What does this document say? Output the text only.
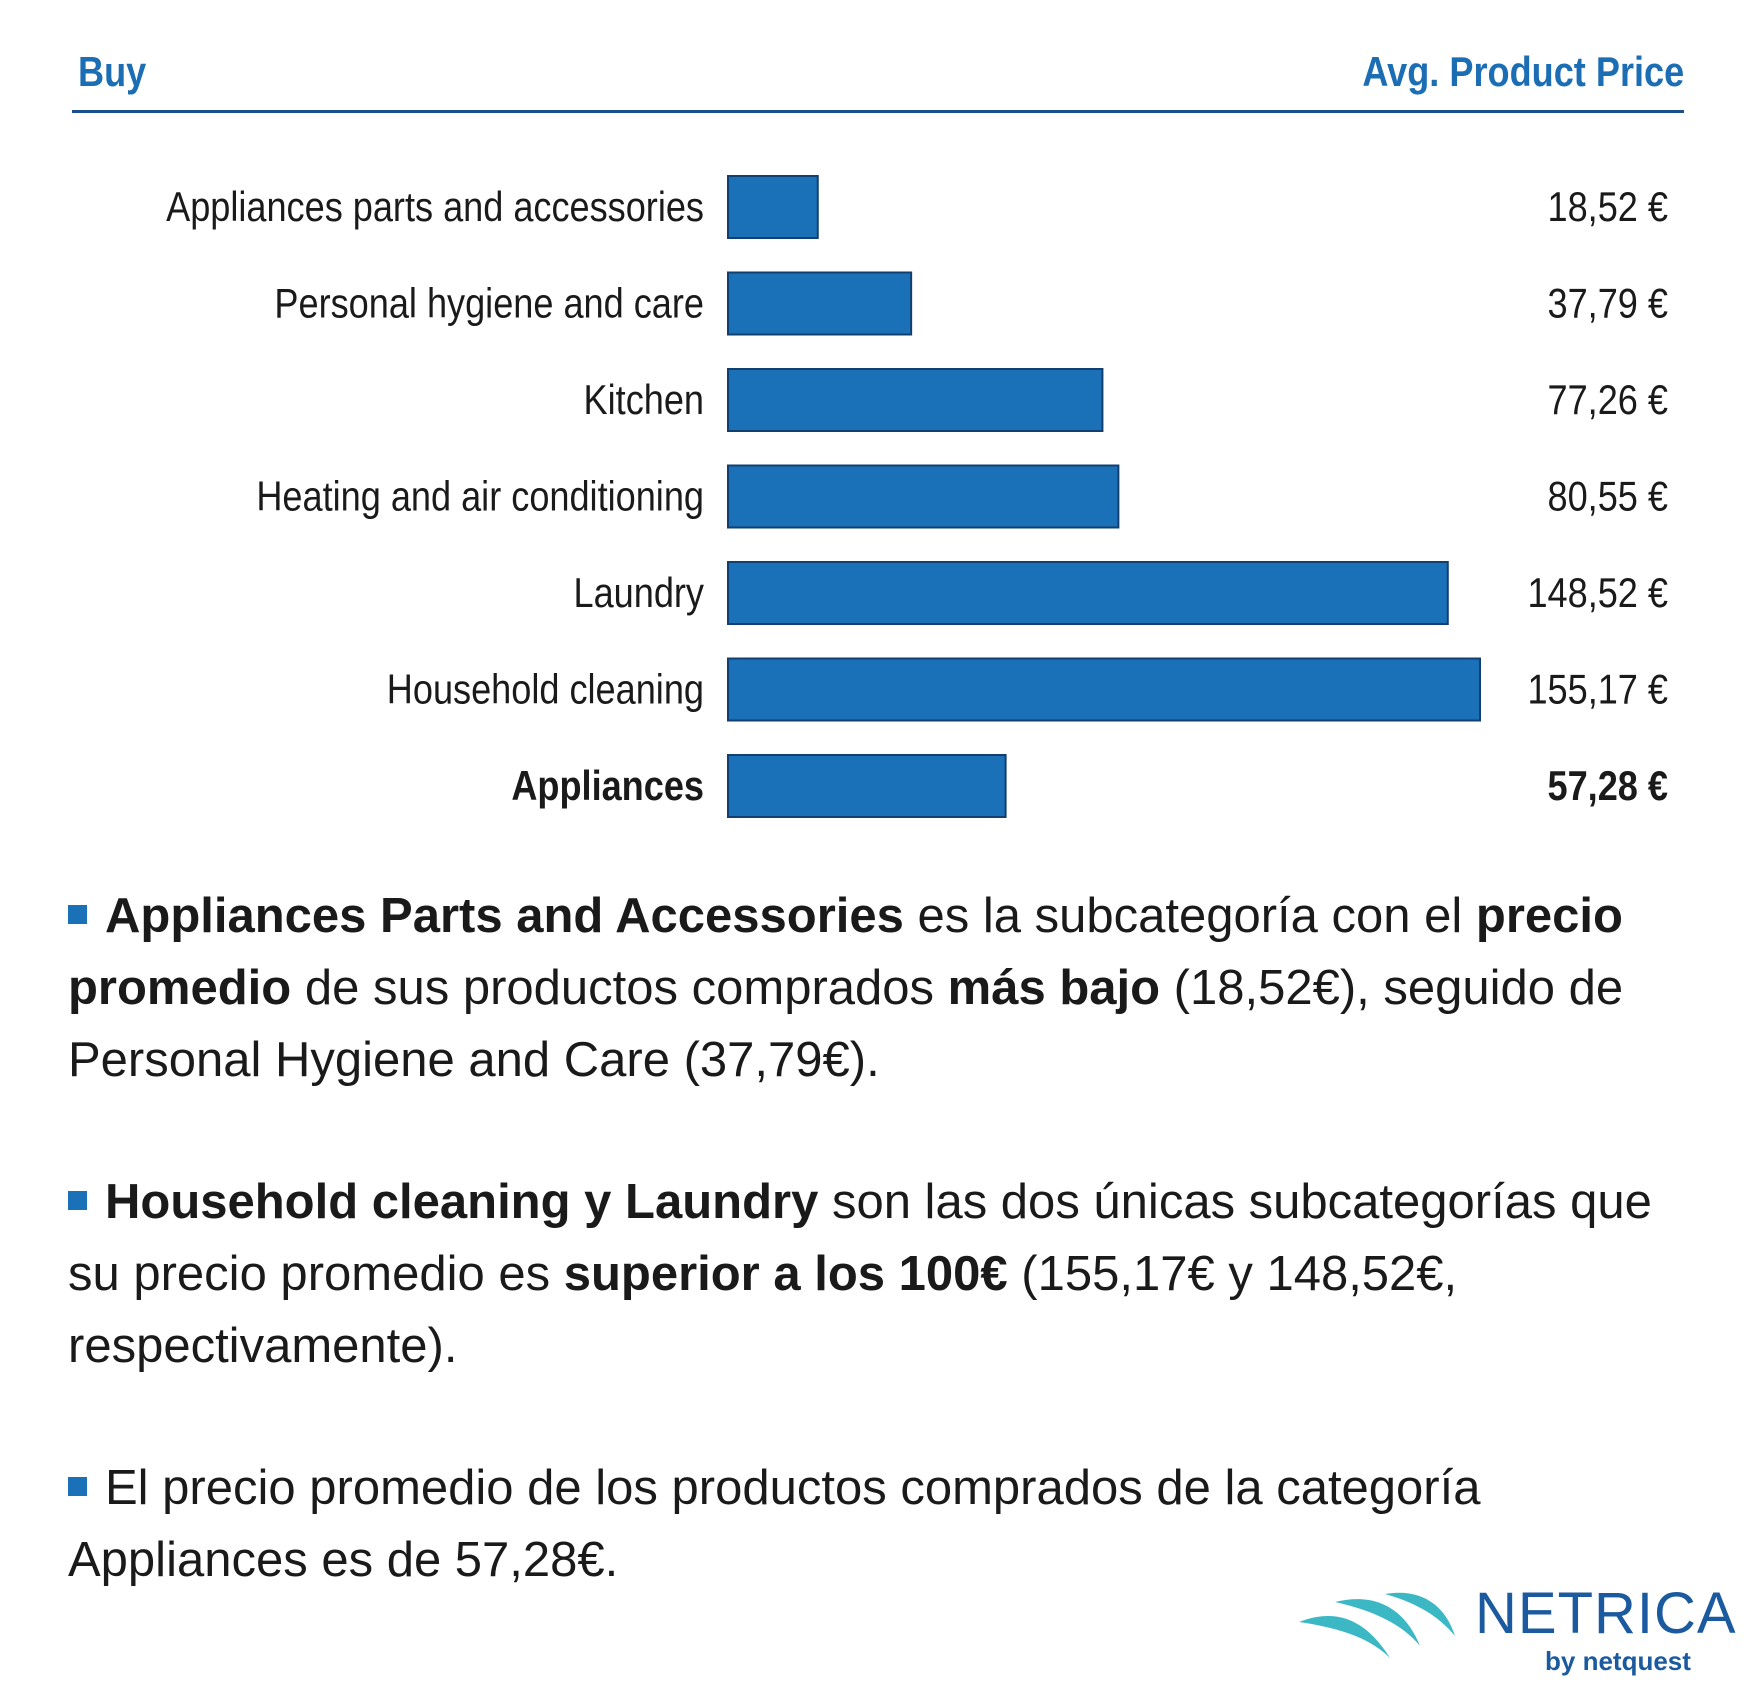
Buy	Avg. Product Price
Appliances parts and accessories	18,52 €
Personal hygiene and care	37,79 €
Kitchen	77,26 €
Heating and air conditioning	80,55 €
Laundry	148,52 €
Household cleaning	155,17 €
Appliances	57,28 €

Appliances Parts and Accessories es la subcategoría con el precio promedio de sus productos comprados más bajo (18,52€), seguido de Personal Hygiene and Care (37,79€).

Household cleaning y Laundry son las dos únicas subcategorías que su precio promedio es superior a los 100€ (155,17€ y 148,52€, respectivamente).

El precio promedio de los productos comprados de la categoría Appliances es de 57,28€.

NETRICA
by netquest
